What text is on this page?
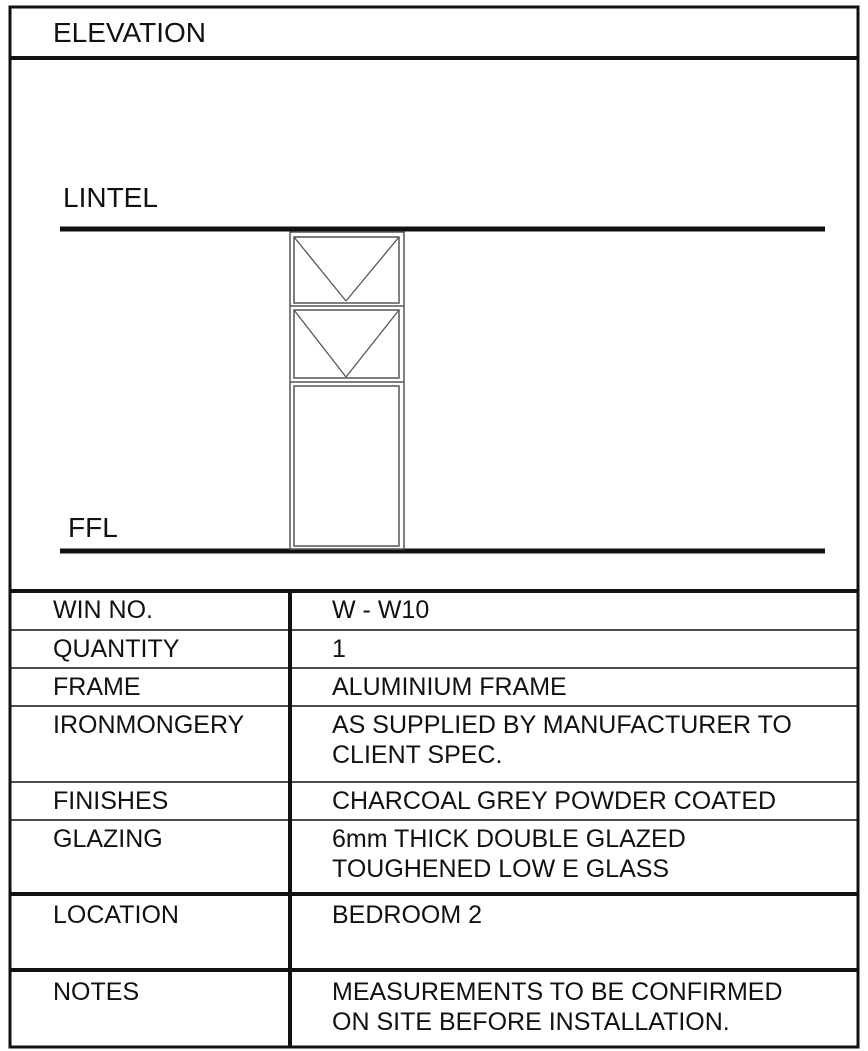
ELEVATION
LINTEL
FFL
WIN NO.	W - W10
QUANTITY	1
FRAME	ALUMINIUM FRAME
IRONMONGERY	AS SUPPLIED BY MANUFACTURER TO
CLIENT SPEC.
FINISHES	CHARCOAL GREY POWDER COATED
GLAZING	6mm THICK DOUBLE GLAZED
TOUGHENED LOW E GLASS
LOCATION	BEDROOM 2
NOTES	MEASUREMENTS TO BE CONFIRMED
ON SITE BEFORE INSTALLATION.
